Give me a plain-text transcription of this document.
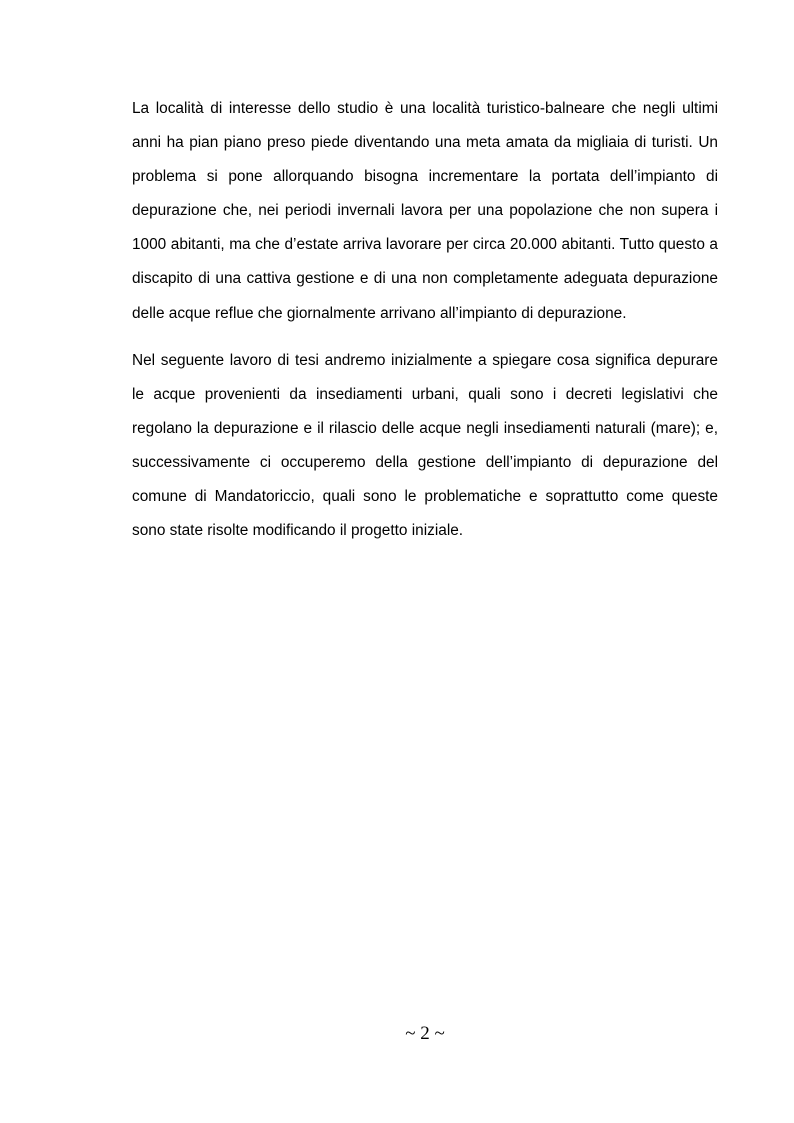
La località di interesse dello studio è una località turistico-balneare che negli ultimi anni ha pian piano preso piede diventando una meta amata da migliaia di turisti. Un problema si pone allorquando bisogna incrementare la portata dell’impianto di depurazione che, nei periodi invernali lavora per una popolazione che non supera i 1000 abitanti, ma che d’estate arriva lavorare per circa 20.000 abitanti. Tutto questo a discapito di una cattiva gestione e di una non completamente adeguata depurazione delle acque reflue che giornalmente arrivano all’impianto di depurazione.

Nel seguente lavoro di tesi andremo inizialmente a spiegare cosa significa depurare le acque provenienti da insediamenti urbani, quali sono i decreti legislativi che regolano la depurazione e il rilascio delle acque negli insediamenti naturali (mare); e, successivamente ci occuperemo della gestione dell’impianto di depurazione del comune di Mandatoriccio, quali sono le problematiche e soprattutto come queste sono state risolte modificando il progetto iniziale.

~ 2 ~
